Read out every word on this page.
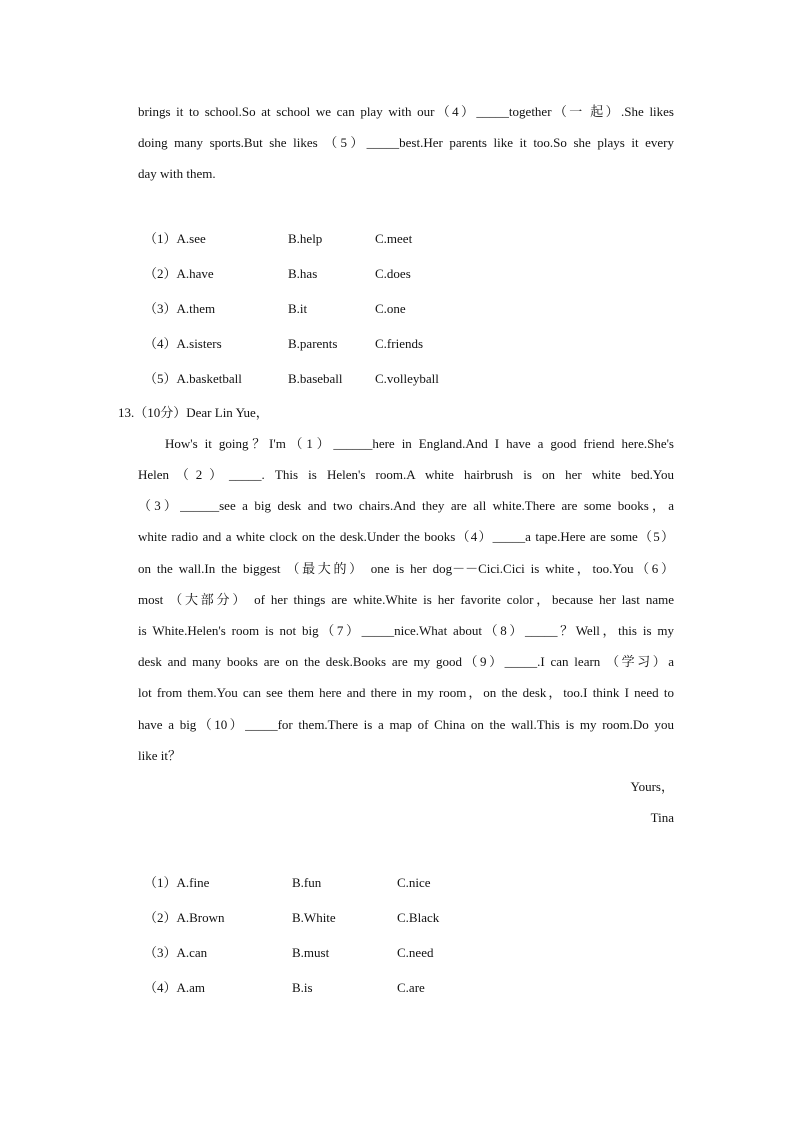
brings it to school.So at school we can play with our（4）_____together（一 起）.She likes
doing many sports.But she likes （5）_____best.Her parents like it too.So she plays it every
day with them.
（1）A.see	B.help	C.meet
（2）A.have	B.has	C.does
（3）A.them	B.it	C.one
（4）A.sisters	B.parents	C.friends
（5）A.basketball	B.baseball C.volleyball
13.（10分）Dear Lin Yue，
How's it going？I'm（1）______here in England.And I have a good friend here.She's
Helen（2）_____. This is Helen's room.A white hairbrush is on her white bed.You
（3）______see a big desk and two chairs.And they are all white.There are some books，a
white radio and a white clock on the desk.Under the books（4）_____a tape.Here are some（5）
on the wall.In the biggest （最大的） one is her dog－－Cici.Cici is white，too.You（6）
most （大部分） of her things are white.White is her favorite color，because her last name
is White.Helen's room is not big（7）_____nice.What about（8）_____？Well，this is my
desk and many books are on the desk.Books are my good（9）_____.I can learn （学习）a
lot from them.You can see them here and there in my room，on the desk，too.I think I need to
have a big（10）_____for them.There is a map of China on the wall.This is my room.Do you
like it？
Yours，
Tina
（1）A.fine	B.fun	C.nice
（2）A.Brown	B.White	C.Black
（3）A.can	B.must	C.need
（4）A.am	B.is	C.are
